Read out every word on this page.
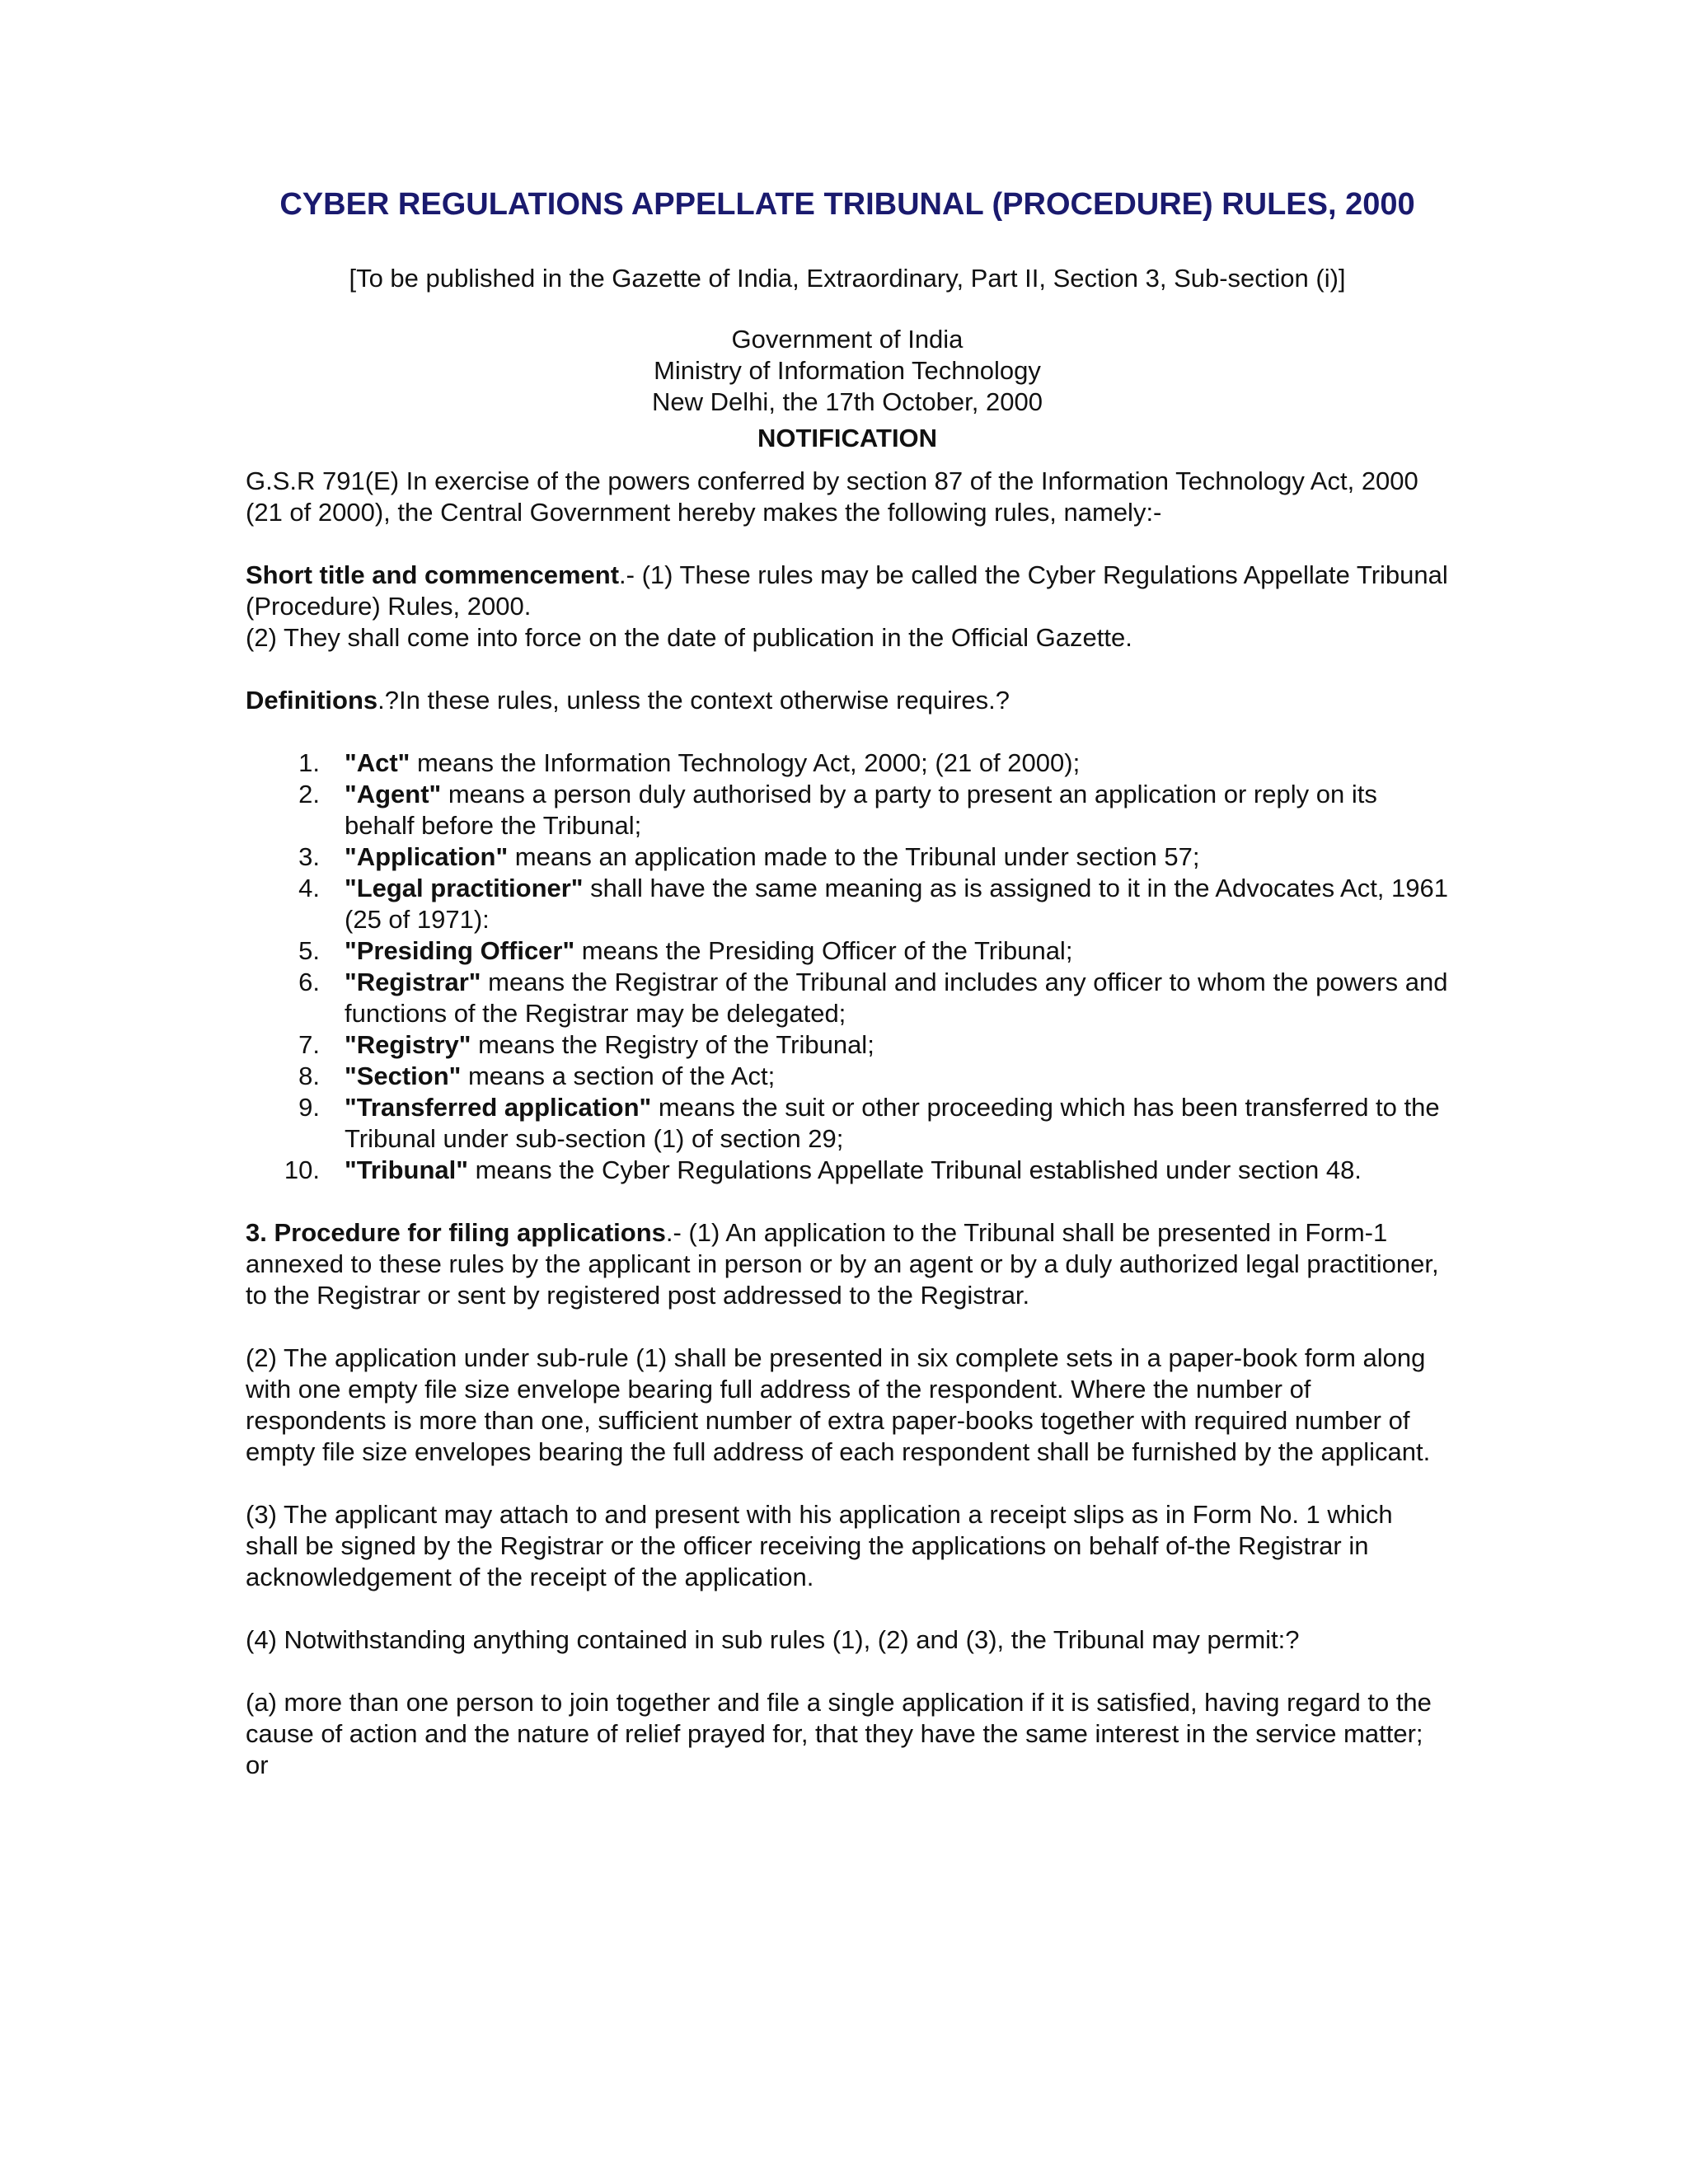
CYBER REGULATIONS APPELLATE TRIBUNAL (PROCEDURE) RULES, 2000
[To be published in the Gazette of India, Extraordinary, Part II, Section 3, Sub-section (i)]
Government of India
Ministry of Information Technology
New Delhi, the 17th October, 2000
NOTIFICATION

G.S.R 791(E) In exercise of the powers conferred by section 87 of the Information Technology Act, 2000 (21 of 2000), the Central Government hereby makes the following rules, namely:-

Short title and commencement.- (1) These rules may be called the Cyber Regulations Appellate Tribunal (Procedure) Rules, 2000.
(2) They shall come into force on the date of publication in the Official Gazette.

Definitions.?In these rules, unless the context otherwise requires.?

1. "Act" means the Information Technology Act, 2000; (21 of 2000);
2. "Agent" means a person duly authorised by a party to present an application or reply on its behalf before the Tribunal;
3. "Application" means an application made to the Tribunal under section 57;
4. "Legal practitioner" shall have the same meaning as is assigned to it in the Advocates Act, 1961 (25 of 1971):
5. "Presiding Officer" means the Presiding Officer of the Tribunal;
6. "Registrar" means the Registrar of the Tribunal and includes any officer to whom the powers and functions of the Registrar may be delegated;
7. "Registry" means the Registry of the Tribunal;
8. "Section" means a section of the Act;
9. "Transferred application" means the suit or other proceeding which has been transferred to the Tribunal under sub-section (1) of section 29;
10. "Tribunal" means the Cyber Regulations Appellate Tribunal established under section 48.

3. Procedure for filing applications.- (1) An application to the Tribunal shall be presented in Form-1 annexed to these rules by the applicant in person or by an agent or by a duly authorized legal practitioner, to the Registrar or sent by registered post addressed to the Registrar.

(2) The application under sub-rule (1) shall be presented in six complete sets in a paper-book form along with one empty file size envelope bearing full address of the respondent. Where the number of respondents is more than one, sufficient number of extra paper-books together with required number of empty file size envelopes bearing the full address of each respondent shall be furnished by the applicant.

(3) The applicant may attach to and present with his application a receipt slips as in Form No. 1 which shall be signed by the Registrar or the officer receiving the applications on behalf of-the Registrar in acknowledgement of the receipt of the application.

(4) Notwithstanding anything contained in sub rules (1), (2) and (3), the Tribunal may permit:?

(a) more than one person to join together and file a single application if it is satisfied, having regard to the cause of action and the nature of relief prayed for, that they have the same interest in the service matter; or
